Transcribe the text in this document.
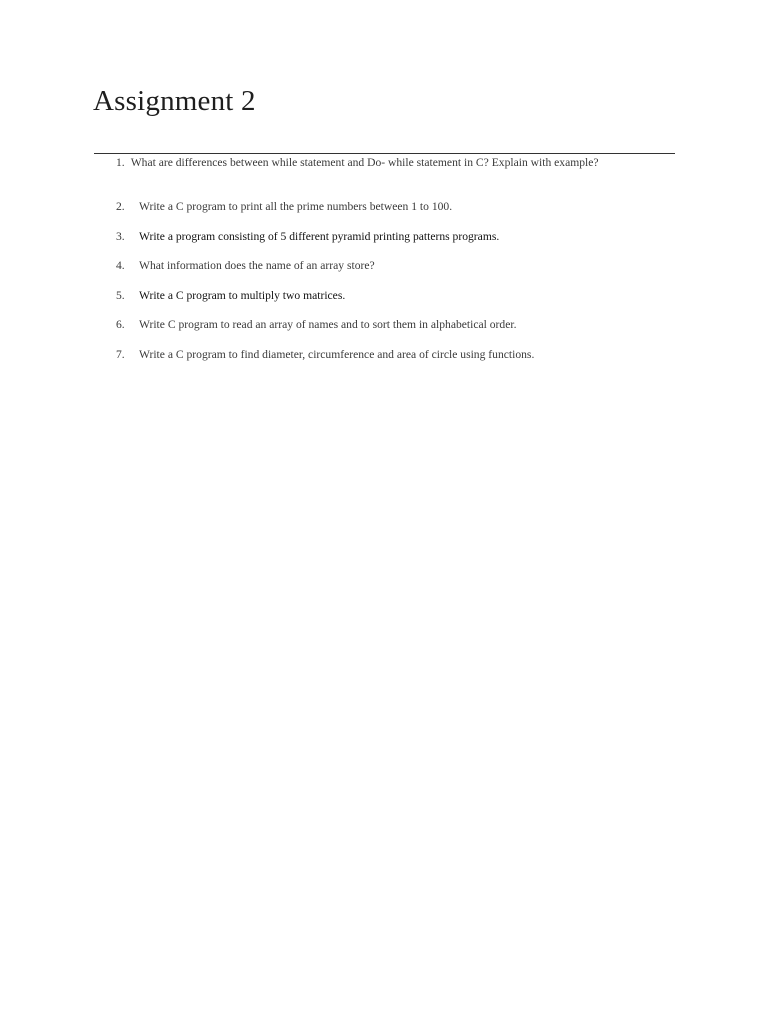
Assignment 2
1. What are differences between while statement and Do- while statement in C? Explain with example?
2.	Write a C program to print all the prime numbers between 1 to 100.
3.	Write a program consisting of 5 different pyramid printing patterns programs.
4.	What information does the name of an array store?
5.	Write a C program to multiply two matrices.
6.	Write C program to read an array of names and to sort them in alphabetical order.
7.	Write a C program to find diameter, circumference and area of circle using functions.
